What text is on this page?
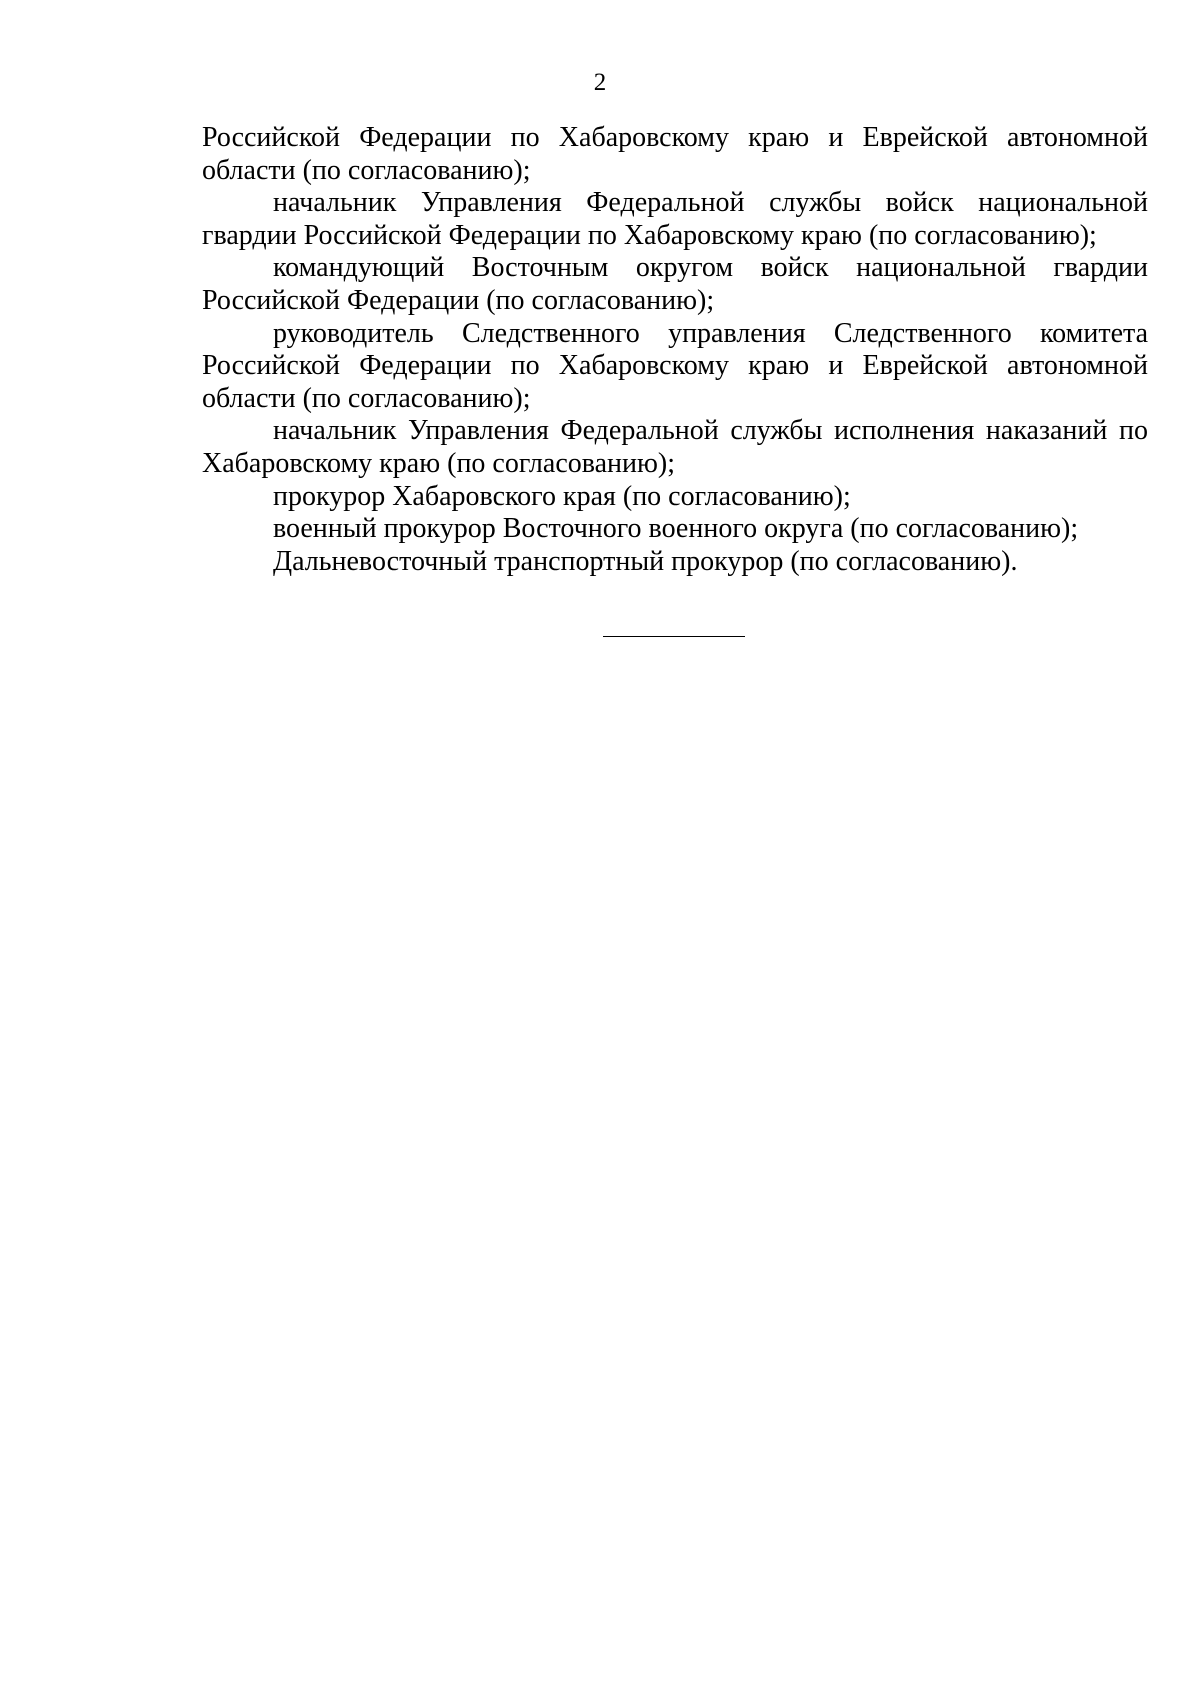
2

Российской Федерации по Хабаровскому краю и Еврейской автономной области (по согласованию);

начальник Управления Федеральной службы войск национальной гвардии Российской Федерации по Хабаровскому краю (по согласованию);

командующий Восточным округом войск национальной гвардии Российской Федерации (по согласованию);

руководитель Следственного управления Следственного комитета Российской Федерации по Хабаровскому краю и Еврейской автономной области (по согласованию);

начальник Управления Федеральной службы исполнения наказаний по Хабаровскому краю (по согласованию);

прокурор Хабаровского края (по согласованию);

военный прокурор Восточного военного округа (по согласованию);

Дальневосточный транспортный прокурор (по согласованию).
